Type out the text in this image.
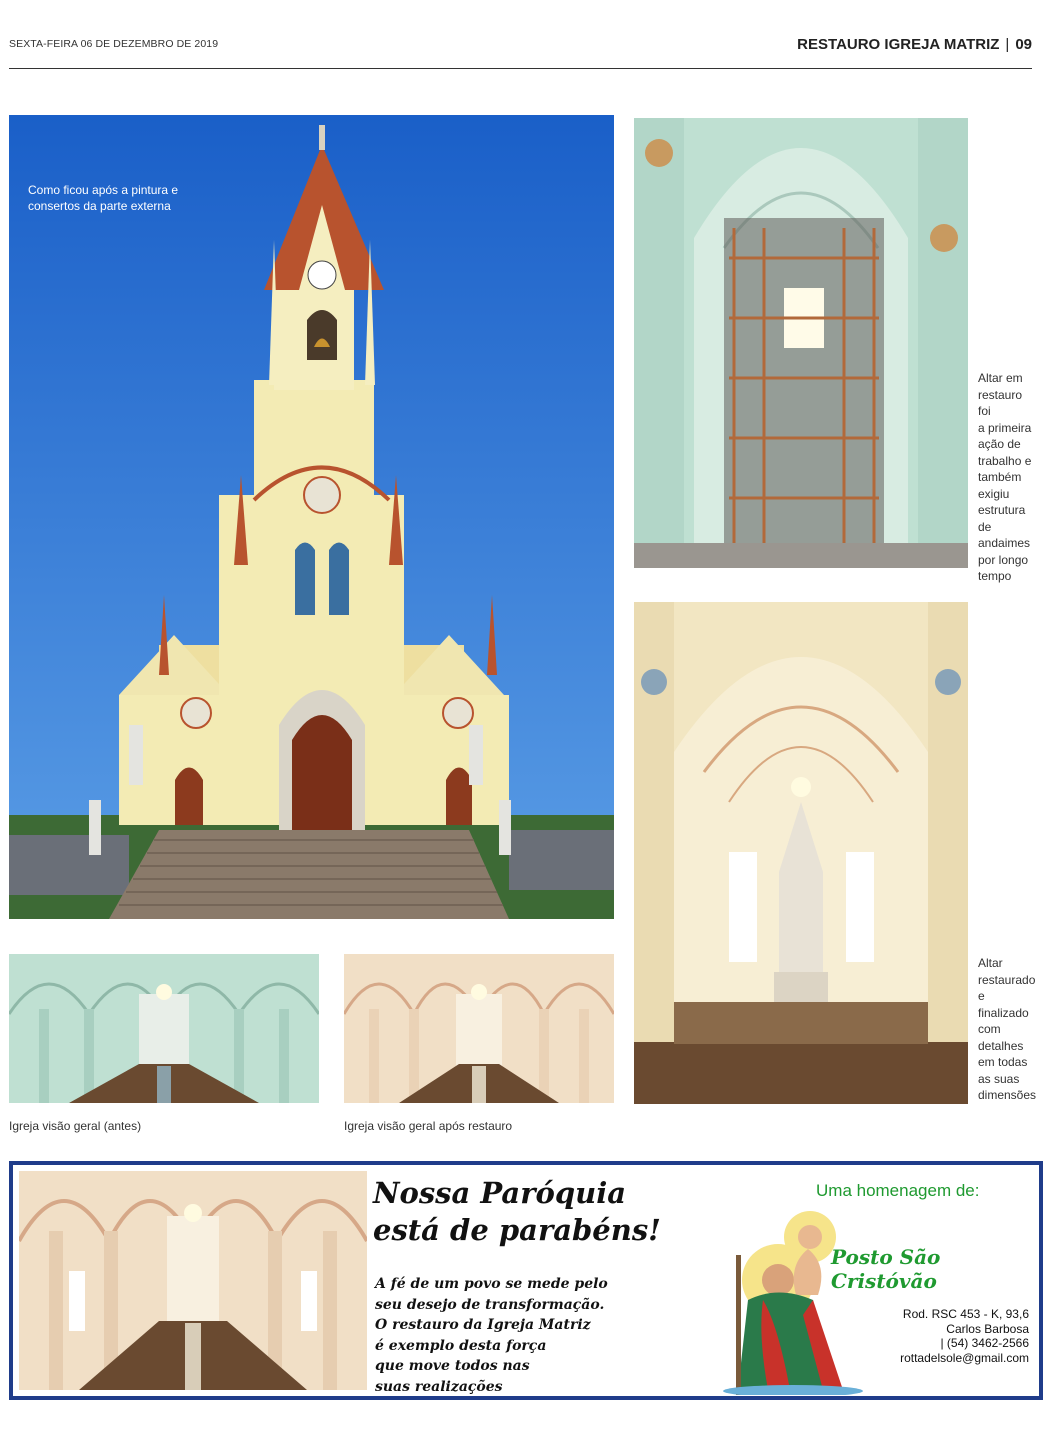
SEXTA-FEIRA 06 DE DEZEMBRO DE 2019	RESTAURO IGREJA MATRIZ | 09
Como ficou após a pintura e
consertos da parte externa
Altar em
restauro foi
a primeira
ação de
trabalho e
também
exigiu
estrutura
de
andaimes
por longo
tempo
Altar
restaurado
e
finalizado
com
detalhes
em todas
as suas
dimensões
Igreja visão geral (antes)	Igreja visão geral após restauro
Nossa Paróquia
está de parabéns!
A fé de um povo se mede pelo
seu desejo de transformação.
O restauro da Igreja Matriz
é exemplo desta força
que move todos nas
suas realizações
Uma homenagem de:
Posto São Cristóvão
Rod. RSC 453 - K, 93,6
Carlos Barbosa
| (54) 3462-2566
rottadelsole@gmail.com
